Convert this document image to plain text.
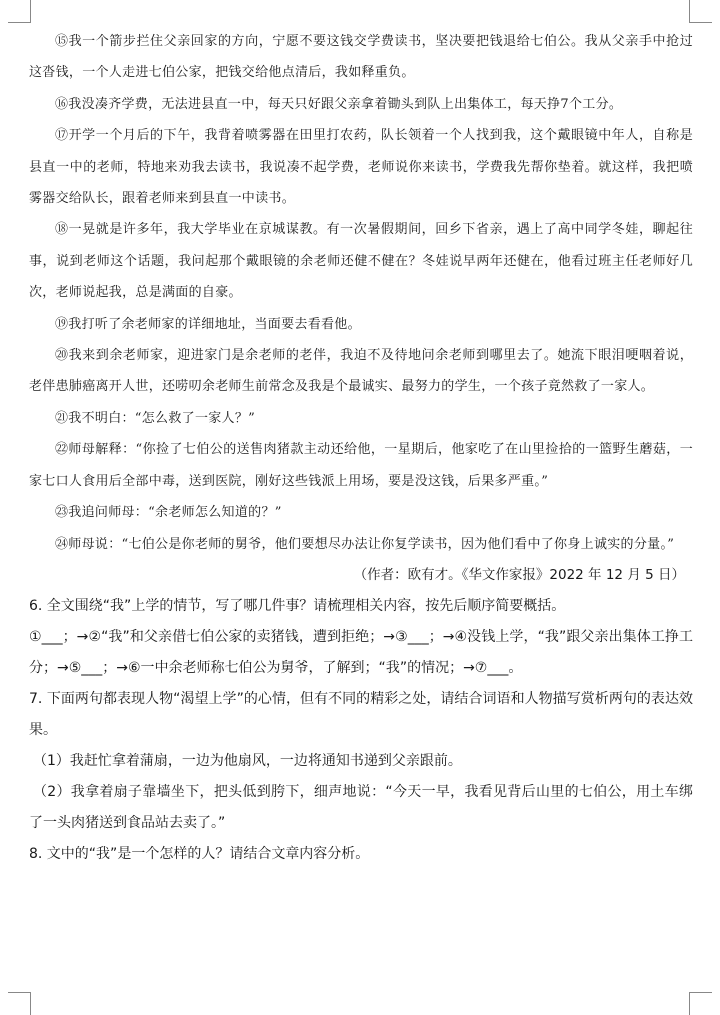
⑮我一个箭步拦住父亲回家的方向，宁愿不要这钱交学费读书，坚决要把钱退给七伯公。我从父亲手中抢过这沓钱，一个人走进七伯公家，把钱交给他点清后，我如释重负。

⑯我没凑齐学费，无法进县直一中，每天只好跟父亲拿着锄头到队上出集体工，每天挣7个工分。

⑰开学一个月后的下午，我背着喷雾器在田里打农药，队长领着一个人找到我，这个戴眼镜中年人，自称是县直一中的老师，特地来劝我去读书，我说凑不起学费，老师说你来读书，学费我先帮你垫着。就这样，我把喷雾器交给队长，跟着老师来到县直一中读书。

⑱一晃就是许多年，我大学毕业在京城谋教。有一次暑假期间，回乡下省亲，遇上了高中同学冬娃，聊起往事，说到老师这个话题，我问起那个戴眼镜的余老师还健不健在？冬娃说早两年还健在，他看过班主任老师好几次，老师说起我，总是满面的自豪。

⑲我打听了余老师家的详细地址，当面要去看看他。

⑳我来到余老师家，迎进家门是余老师的老伴，我迫不及待地问余老师到哪里去了。她流下眼泪哽咽着说，老伴患肺癌离开人世，还唠叨余老师生前常念及我是个最诚实、最努力的学生，一个孩子竟然救了一家人。

㉑我不明白：“怎么救了一家人？”

㉒师母解释：“你捡了七伯公的送售肉猪款主动还给他，一星期后，他家吃了在山里捡拾的一篮野生蘑菇，一家七口人食用后全部中毒，送到医院，刚好这些钱派上用场，要是没这钱，后果多严重。”

㉓我追问师母：“余老师怎么知道的？”

㉔师母说：“七伯公是你老师的舅爷，他们要想尽办法让你复学读书，因为他们看中了你身上诚实的分量。”

（作者：欧有才。《华文作家报》2022 年 12 月 5 日）

6. 全文围绕“我”上学的情节，写了哪几件事？请梳理相关内容，按先后顺序简要概括。

①___；→②“我”和父亲借七伯公家的卖猪钱，遭到拒绝；→③___；→④没钱上学，“我”跟父亲出集体工挣工分；→⑤___；→⑥一中余老师称七伯公为舅爷，了解到；“我”的情况；→⑦___。

7. 下面两句都表现人物“渴望上学”的心情，但有不同的精彩之处，请结合词语和人物描写赏析两句的表达效果。

（1）我赶忙拿着蒲扇，一边为他扇风，一边将通知书递到父亲跟前。

（2）我拿着扇子靠墙坐下，把头低到胯下，细声地说：“今天一早，我看见背后山里的七伯公，用土车绑了一头肉猪送到食品站去卖了。”

8. 文中的“我”是一个怎样的人？请结合文章内容分析。
